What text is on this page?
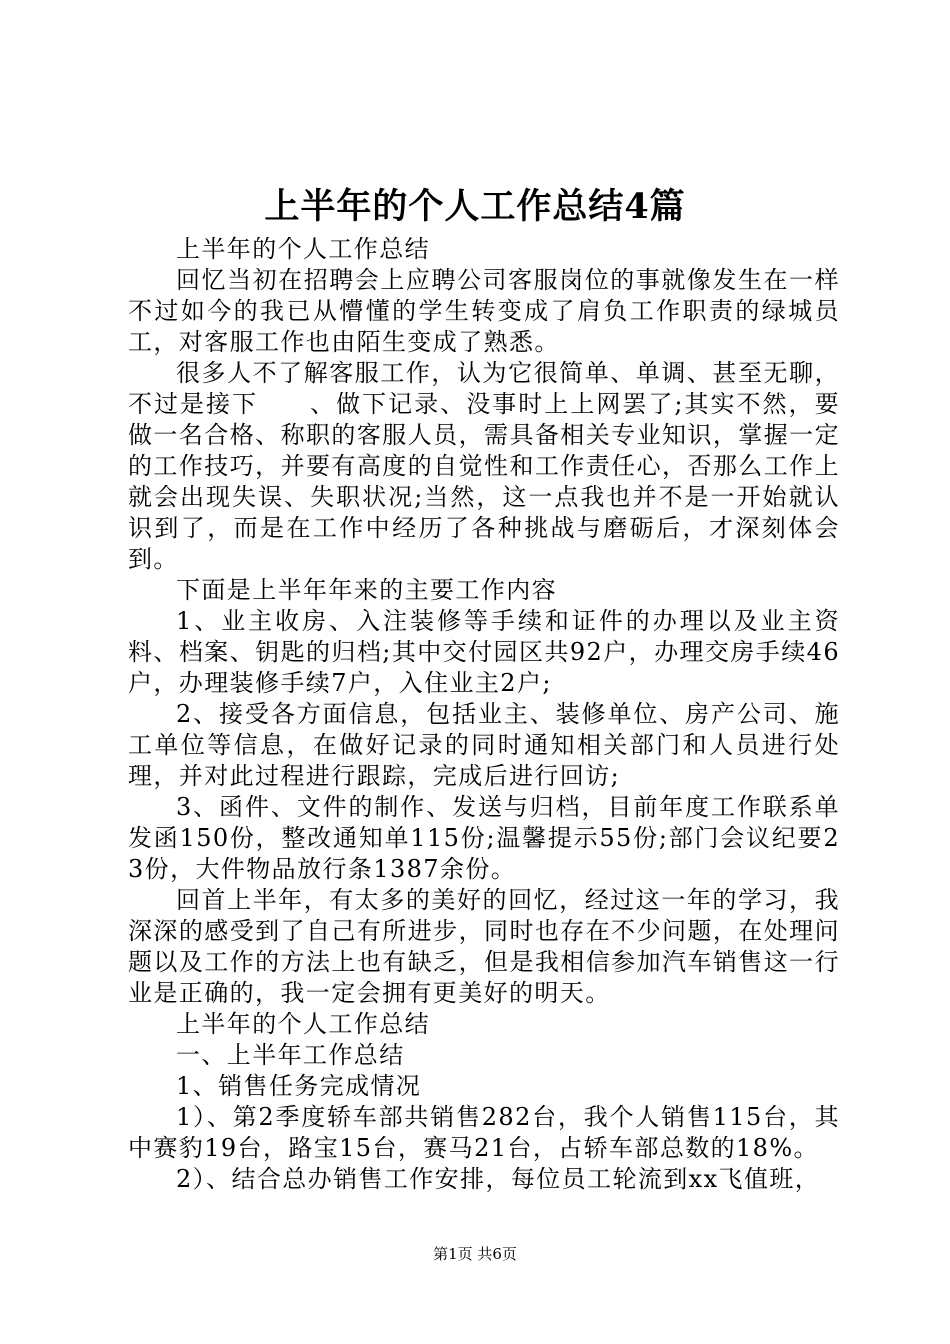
上半年的个人工作总结4篇

上半年的个人工作总结

回忆当初在招聘会上应聘公司客服岗位的事就像发生在一样不过如今的我已从懵懂的学生转变成了肩负工作职责的绿城员工，对客服工作也由陌生变成了熟悉。

很多人不了解客服工作，认为它很简单、单调、甚至无聊，不过是接下　　、做下记录、没事时上上网罢了;其实不然，要做一名合格、称职的客服人员，需具备相关专业知识，掌握一定的工作技巧，并要有高度的自觉性和工作责任心，否那么工作上就会出现失误、失职状况;当然，这一点我也并不是一开始就认识到了，而是在工作中经历了各种挑战与磨砺后，才深刻体会到。

下面是上半年年来的主要工作内容

1、业主收房、入注装修等手续和证件的办理以及业主资料、档案、钥匙的归档;其中交付园区共92户，办理交房手续46户，办理装修手续7户，入住业主2户;

2、接受各方面信息，包括业主、装修单位、房产公司、施工单位等信息，在做好记录的同时通知相关部门和人员进行处理，并对此过程进行跟踪，完成后进行回访;

3、函件、文件的制作、发送与归档，目前年度工作联系单发函150份，整改通知单115份;温馨提示55份;部门会议纪要23份，大件物品放行条1387余份。

回首上半年，有太多的美好的回忆，经过这一年的学习，我深深的感受到了自己有所进步，同时也存在不少问题，在处理问题以及工作的方法上也有缺乏，但是我相信参加汽车销售这一行业是正确的，我一定会拥有更美好的明天。

上半年的个人工作总结

一、上半年工作总结

1、销售任务完成情况

1）、第2季度轿车部共销售282台，我个人销售115台，其中赛豹19台，路宝15台，赛马21台，占轿车部总数的18%。

2）、结合总办销售工作安排，每位员工轮流到xx飞值班，

第1页 共6页
